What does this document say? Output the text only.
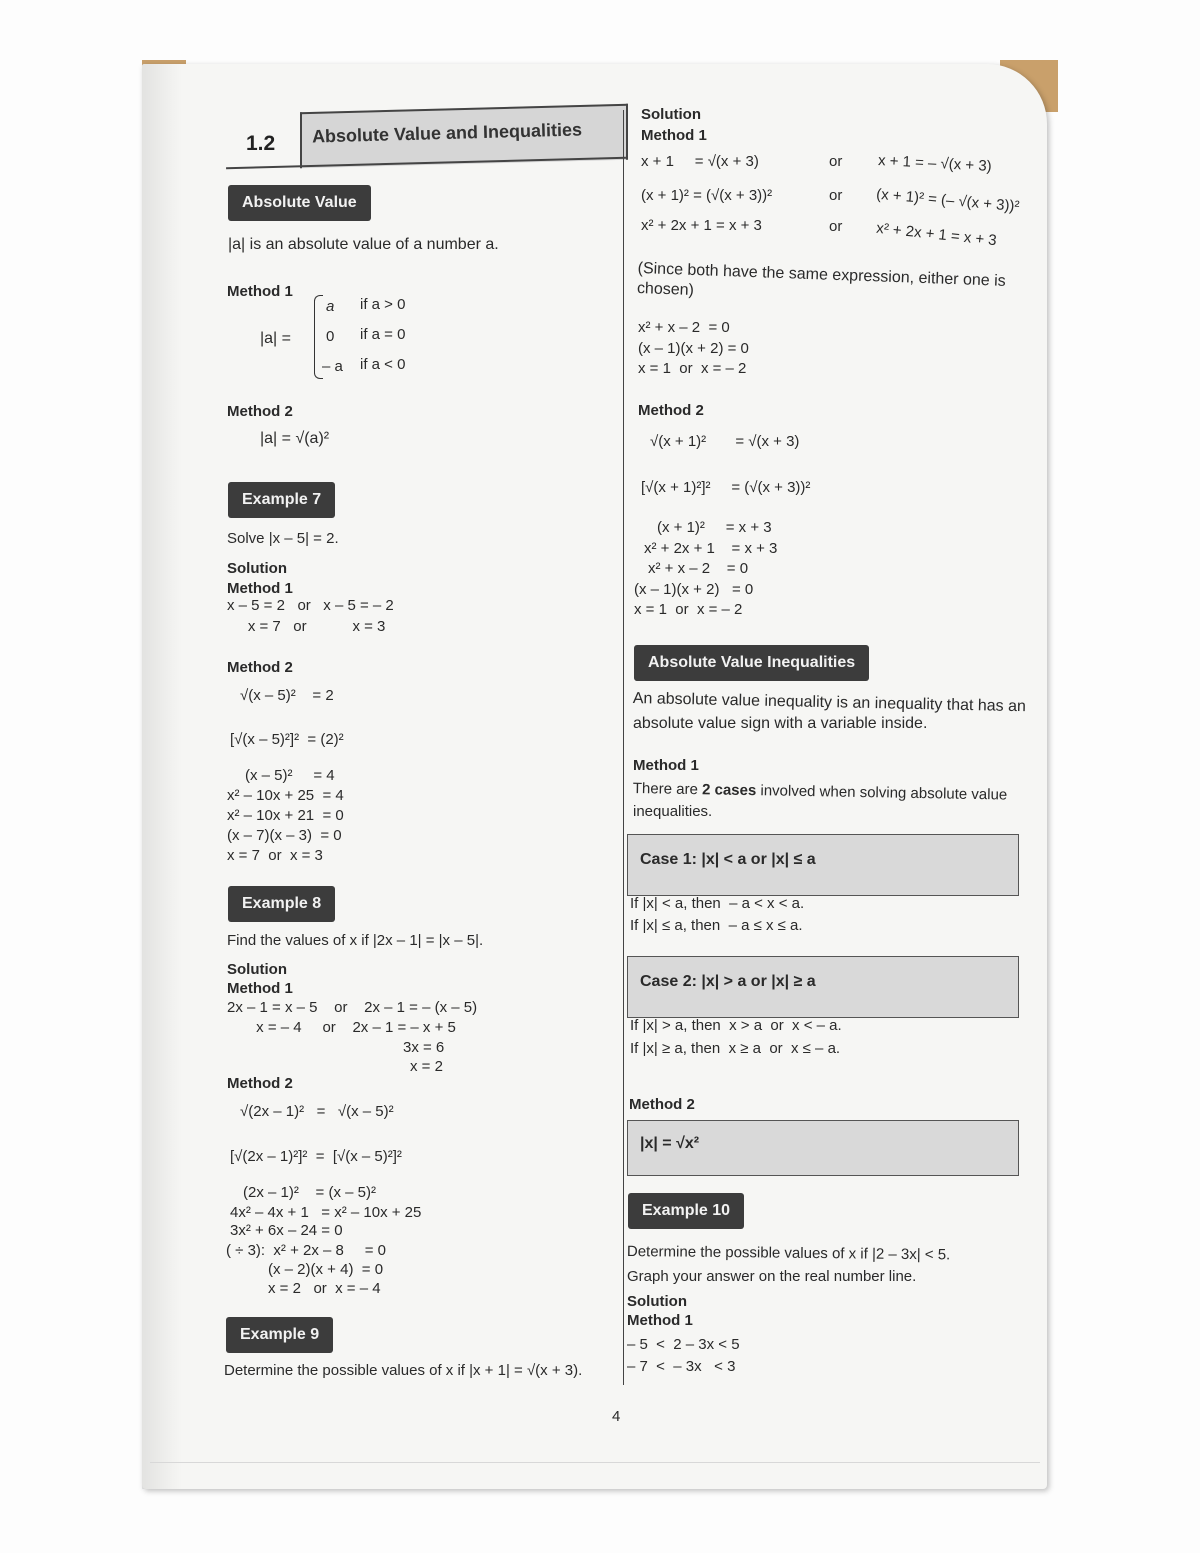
1.2 Absolute Value and Inequalities
Absolute Value
|a| is an absolute value of a number a.
Method 1
|a| =
a if a > 0
0 if a = 0
– a if a < 0
Method 2
|a| = √(a)²
Example 7
Solve |x – 5| = 2.
Solution
Method 1
x – 5 = 2   or   x – 5 = – 2
x = 7   or           x = 3
Method 2
√(x – 5)²    = 2
[√(x – 5)²]²  = (2)²
(x – 5)²     = 4
x² – 10x + 25  = 4
x² – 10x + 21  = 0
(x – 7)(x – 3)  = 0
x = 7  or  x = 3
Example 8
Find the values of x if |2x – 1| = |x – 5|.
Solution
Method 1
2x – 1 = x – 5    or    2x – 1 = – (x – 5)
x = – 4     or    2x – 1 = – x + 5
3x = 6
x = 2
Method 2
√(2x – 1)²   =   √(x – 5)²
[√(2x – 1)²]²  =  [√(x – 5)²]²
(2x – 1)²    = (x – 5)²
4x² – 4x + 1   = x² – 10x + 25
3x² + 6x – 24 = 0
( ÷ 3):  x² + 2x – 8     = 0
(x – 2)(x + 4)  = 0
x = 2   or  x = – 4
Example 9
Determine the possible values of x if |x + 1| = √(x + 3).
Solution
Method 1
x + 1     = √(x + 3)	or x + 1 = – √(x + 3)
(x + 1)² = (√(x + 3))²	or (x + 1)² = (– √(x + 3))²
x² + 2x + 1 = x + 3	or x² + 2x + 1 = x + 3
(Since both have the same expression, either one is chosen)
x² + x – 2  = 0
(x – 1)(x + 2) = 0
x = 1  or  x = – 2
Method 2
√(x + 1)²       = √(x + 3)
[√(x + 1)²]²     = (√(x + 3))²
(x + 1)²     = x + 3
x² + 2x + 1    = x + 3
x² + x – 2    = 0
(x – 1)(x + 2)   = 0
x = 1  or  x = – 2
Absolute Value Inequalities
An absolute value inequality is an inequality that has an
absolute value sign with a variable inside.
Method 1
There are 2 cases involved when solving absolute value
inequalities.
Case 1: |x| < a or |x| ≤ a
If |x| < a, then  – a < x < a.
If |x| ≤ a, then  – a ≤ x ≤ a.
Case 2: |x| > a or |x| ≥ a
If |x| > a, then  x > a  or  x < – a.
If |x| ≥ a, then  x ≥ a  or  x ≤ – a.
Method 2
|x| = √x²
Example 10
Determine the possible values of x if |2 – 3x| < 5.
Graph your answer on the real number line.
Solution
Method 1
– 5  <  2 – 3x < 5
– 7  <  – 3x   < 3
4
